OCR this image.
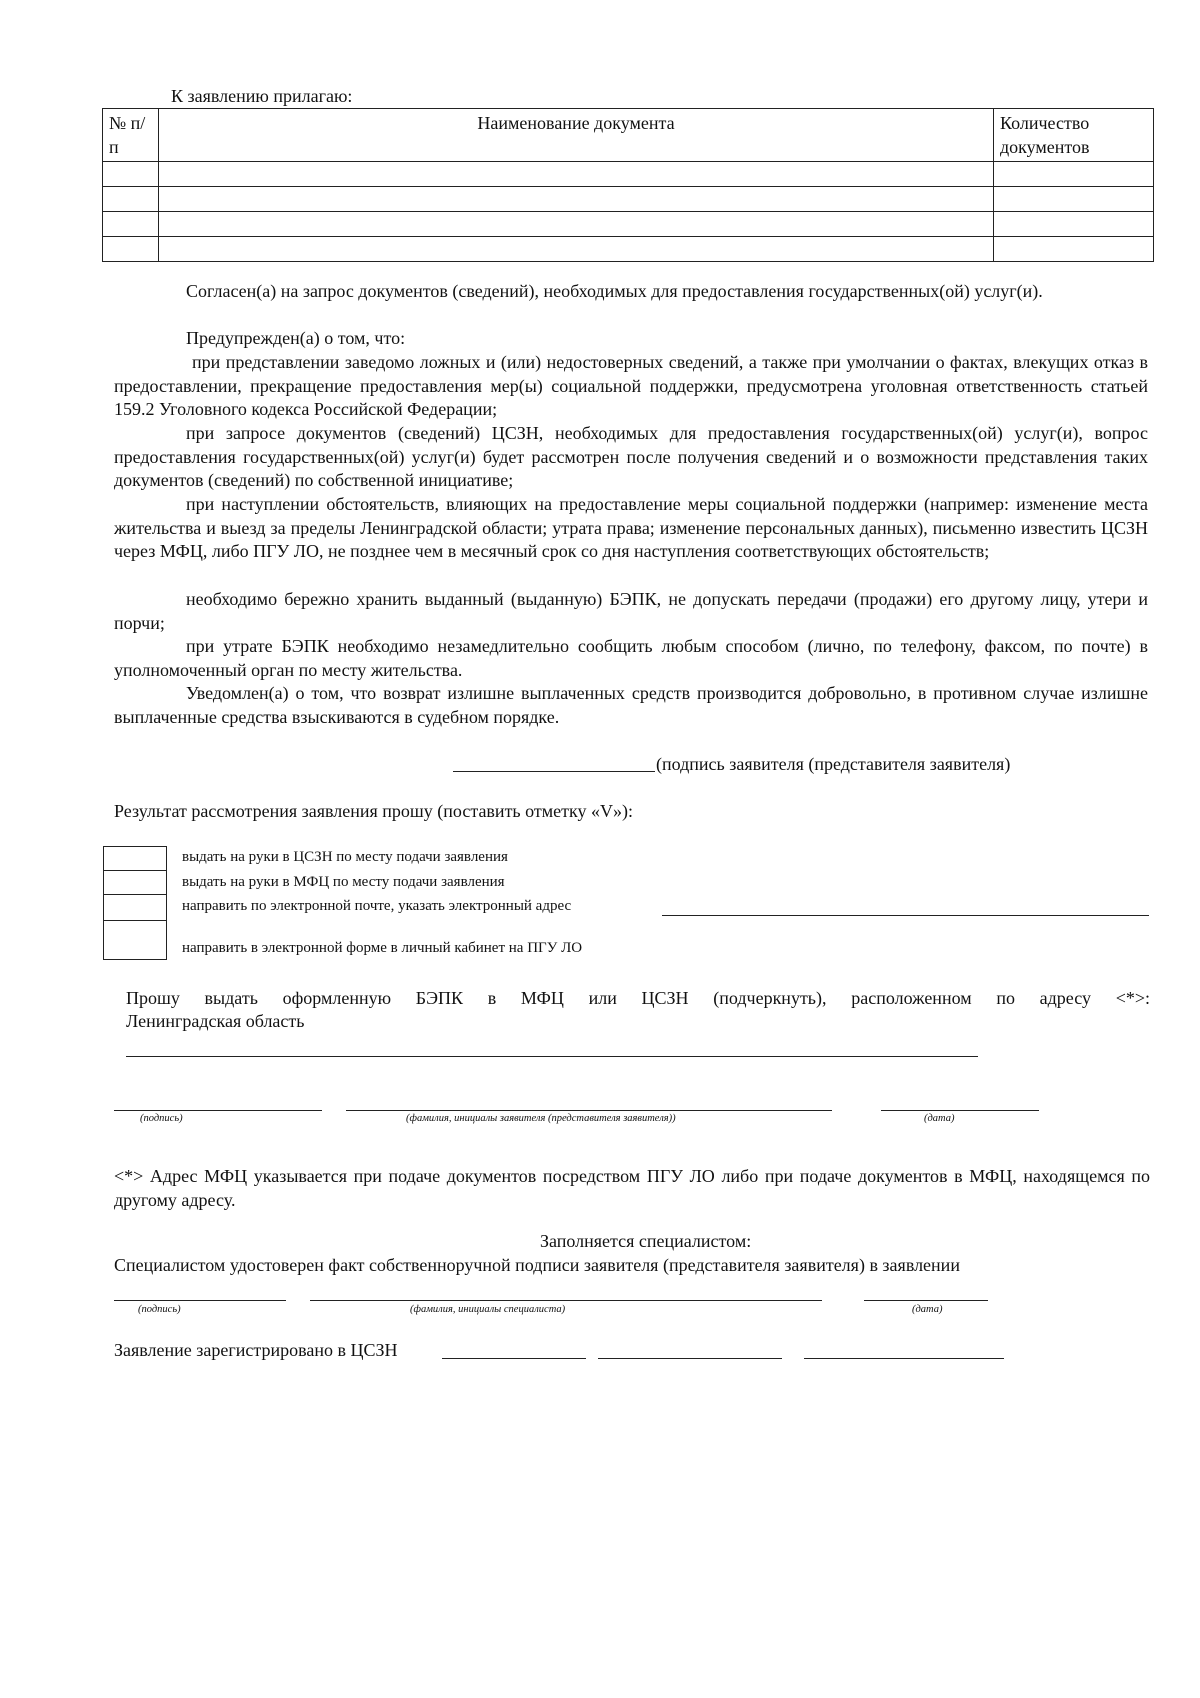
К заявлению прилагаю:
№ п/п	Наименование документа	Количество документов

Согласен(а) на запрос документов (сведений), необходимых для предоставления государственных(ой) услуг(и).
Предупрежден(а) о том, что:
при представлении заведомо ложных и (или) недостоверных сведений, а также при умолчании о фактах, влекущих отказ в предоставлении, прекращение предоставления мер(ы) социальной поддержки, предусмотрена уголовная ответственность статьей 159.2 Уголовного кодекса Российской Федерации;
при запросе документов (сведений) ЦСЗН, необходимых для предоставления государственных(ой) услуг(и), вопрос предоставления государственных(ой) услуг(и) будет рассмотрен после получения сведений и о возможности представления таких документов (сведений) по собственной инициативе;
при наступлении обстоятельств, влияющих на предоставление меры социальной поддержки (например: изменение места жительства и выезд за пределы Ленинградской области; утрата права; изменение персональных данных), письменно известить ЦСЗН через МФЦ, либо ПГУ ЛО, не позднее чем в месячный срок со дня наступления соответствующих обстоятельств;
необходимо бережно хранить выданный (выданную) БЭПК, не допускать передачи (продажи) его другому лицу, утери и порчи;
при утрате БЭПК необходимо незамедлительно сообщить любым способом (лично, по телефону, факсом, по почте) в уполномоченный орган по месту жительства.
Уведомлен(а) о том, что возврат излишне выплаченных средств производится добровольно, в противном случае излишне выплаченные средства взыскиваются в судебном порядке.
(подпись заявителя (представителя заявителя)
Результат рассмотрения заявления прошу (поставить отметку «V»):
выдать на руки в ЦСЗН по месту подачи заявления
выдать на руки в МФЦ по месту подачи заявления
направить по электронной почте, указать электронный адрес
направить в электронной форме в личный кабинет на ПГУ ЛО
Прошу выдать оформленную БЭПК в МФЦ или ЦСЗН (подчеркнуть), расположенном по адресу <*>:
Ленинградская область
(подпись)	(фамилия, инициалы заявителя (представителя заявителя))	(дата)
<*> Адрес МФЦ указывается при подаче документов посредством ПГУ ЛО либо при подаче документов в МФЦ, находящемся по другому адресу.
Заполняется специалистом:
Специалистом удостоверен факт собственноручной подписи заявителя (представителя заявителя) в заявлении
(подпись)	(фамилия, инициалы специалиста)	(дата)
Заявление зарегистрировано в ЦСЗН
